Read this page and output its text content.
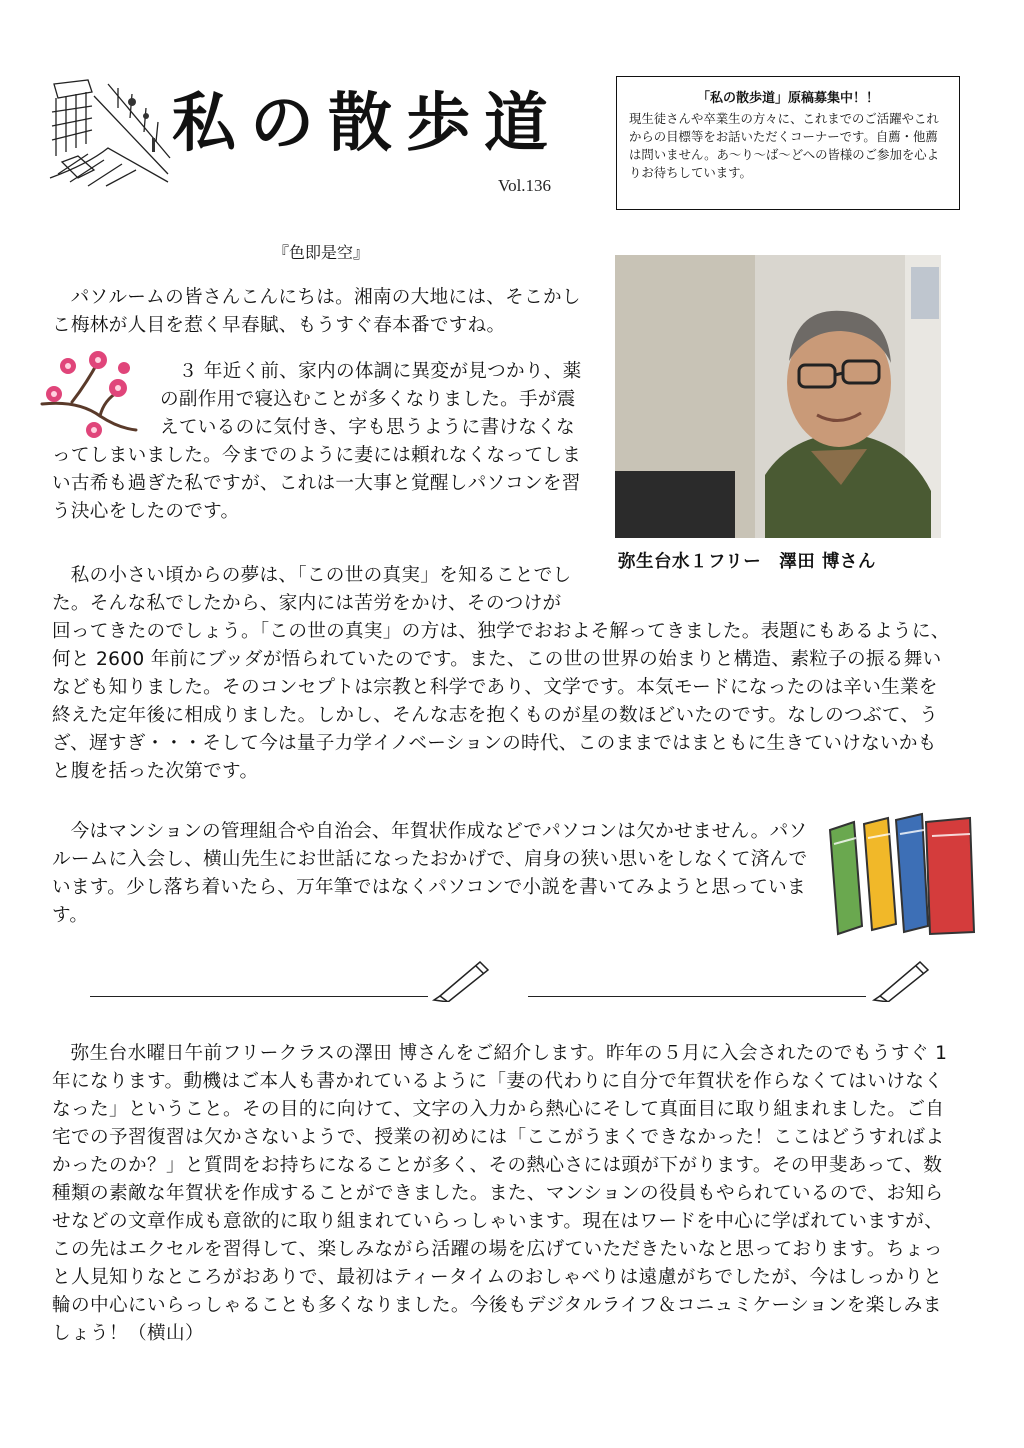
私の散歩道
Vol.136
「私の散歩道」原稿募集中！！
現生徒さんや卒業生の方々に、これまでのご活躍やこれからの目標等をお話いただくコーナーです。自薦・他薦は問いません。あ～り～ば～どへの皆様のご参加を心よりお待ちしています。
『色即是空』

パソルームの皆さんこんにちは。湘南の大地には、そこかしこ梅林が人目を惹く早春賦、もうすぐ春本番ですね。

３ 年近く前、家内の体調に異変が見つかり、薬の副作用で寝込むことが多くなりました。手が震えているのに気付き、字も思うように書けなくなってしまいました。今までのように妻には頼れなくなってしまい古希も過ぎた私ですが、これは一大事と覚醒しパソコンを習う決心をしたのです。

弥生台水１フリー　澤田 博さん

私の小さい頃からの夢は、「この世の真実」を知ることでした。そんな私でしたから、家内には苦労をかけ、そのつけが回ってきたのでしょう。「この世の真実」の方は、独学でおおよそ解ってきました。表題にもあるように、何と 2600 年前にブッダが悟られていたのです。また、この世の世界の始まりと構造、素粒子の振る舞いなども知りました。そのコンセプトは宗教と科学であり、文学です。本気モードになったのは辛い生業を終えた定年後に相成りました。しかし、そんな志を抱くものが星の数ほどいたのです。なしのつぶて、うざ、遅すぎ・・・そして今は量子力学イノベーションの時代、このままではまともに生きていけないかもと腹を括った次第です。

今はマンションの管理組合や自治会、年賀状作成などでパソコンは欠かせません。パソルームに入会し、横山先生にお世話になったおかげで、肩身の狭い思いをしなくて済んでいます。少し落ち着いたら、万年筆ではなくパソコンで小説を書いてみようと思っています。

弥生台水曜日午前フリークラスの澤田 博さんをご紹介します。昨年の５月に入会されたのでもうすぐ 1 年になります。動機はご本人も書かれているように「妻の代わりに自分で年賀状を作らなくてはいけなくなった」ということ。その目的に向けて、文字の入力から熱心にそして真面目に取り組まれました。ご自宅での予習復習は欠かさないようで、授業の初めには「ここがうまくできなかった！ここはどうすればよかったのか？」と質問をお持ちになることが多く、その熱心さには頭が下がります。その甲斐あって、数種類の素敵な年賀状を作成することができました。また、マンションの役員もやられているので、お知らせなどの文章作成も意欲的に取り組まれていらっしゃいます。現在はワードを中心に学ばれていますが、この先はエクセルを習得して、楽しみながら活躍の場を広げていただきたいなと思っております。ちょっと人見知りなところがおありで、最初はティータイムのおしゃべりは遠慮がちでしたが、今はしっかりと輪の中心にいらっしゃることも多くなりました。今後もデジタルライフ＆コニュミケーションを楽しみましょう！（横山）
